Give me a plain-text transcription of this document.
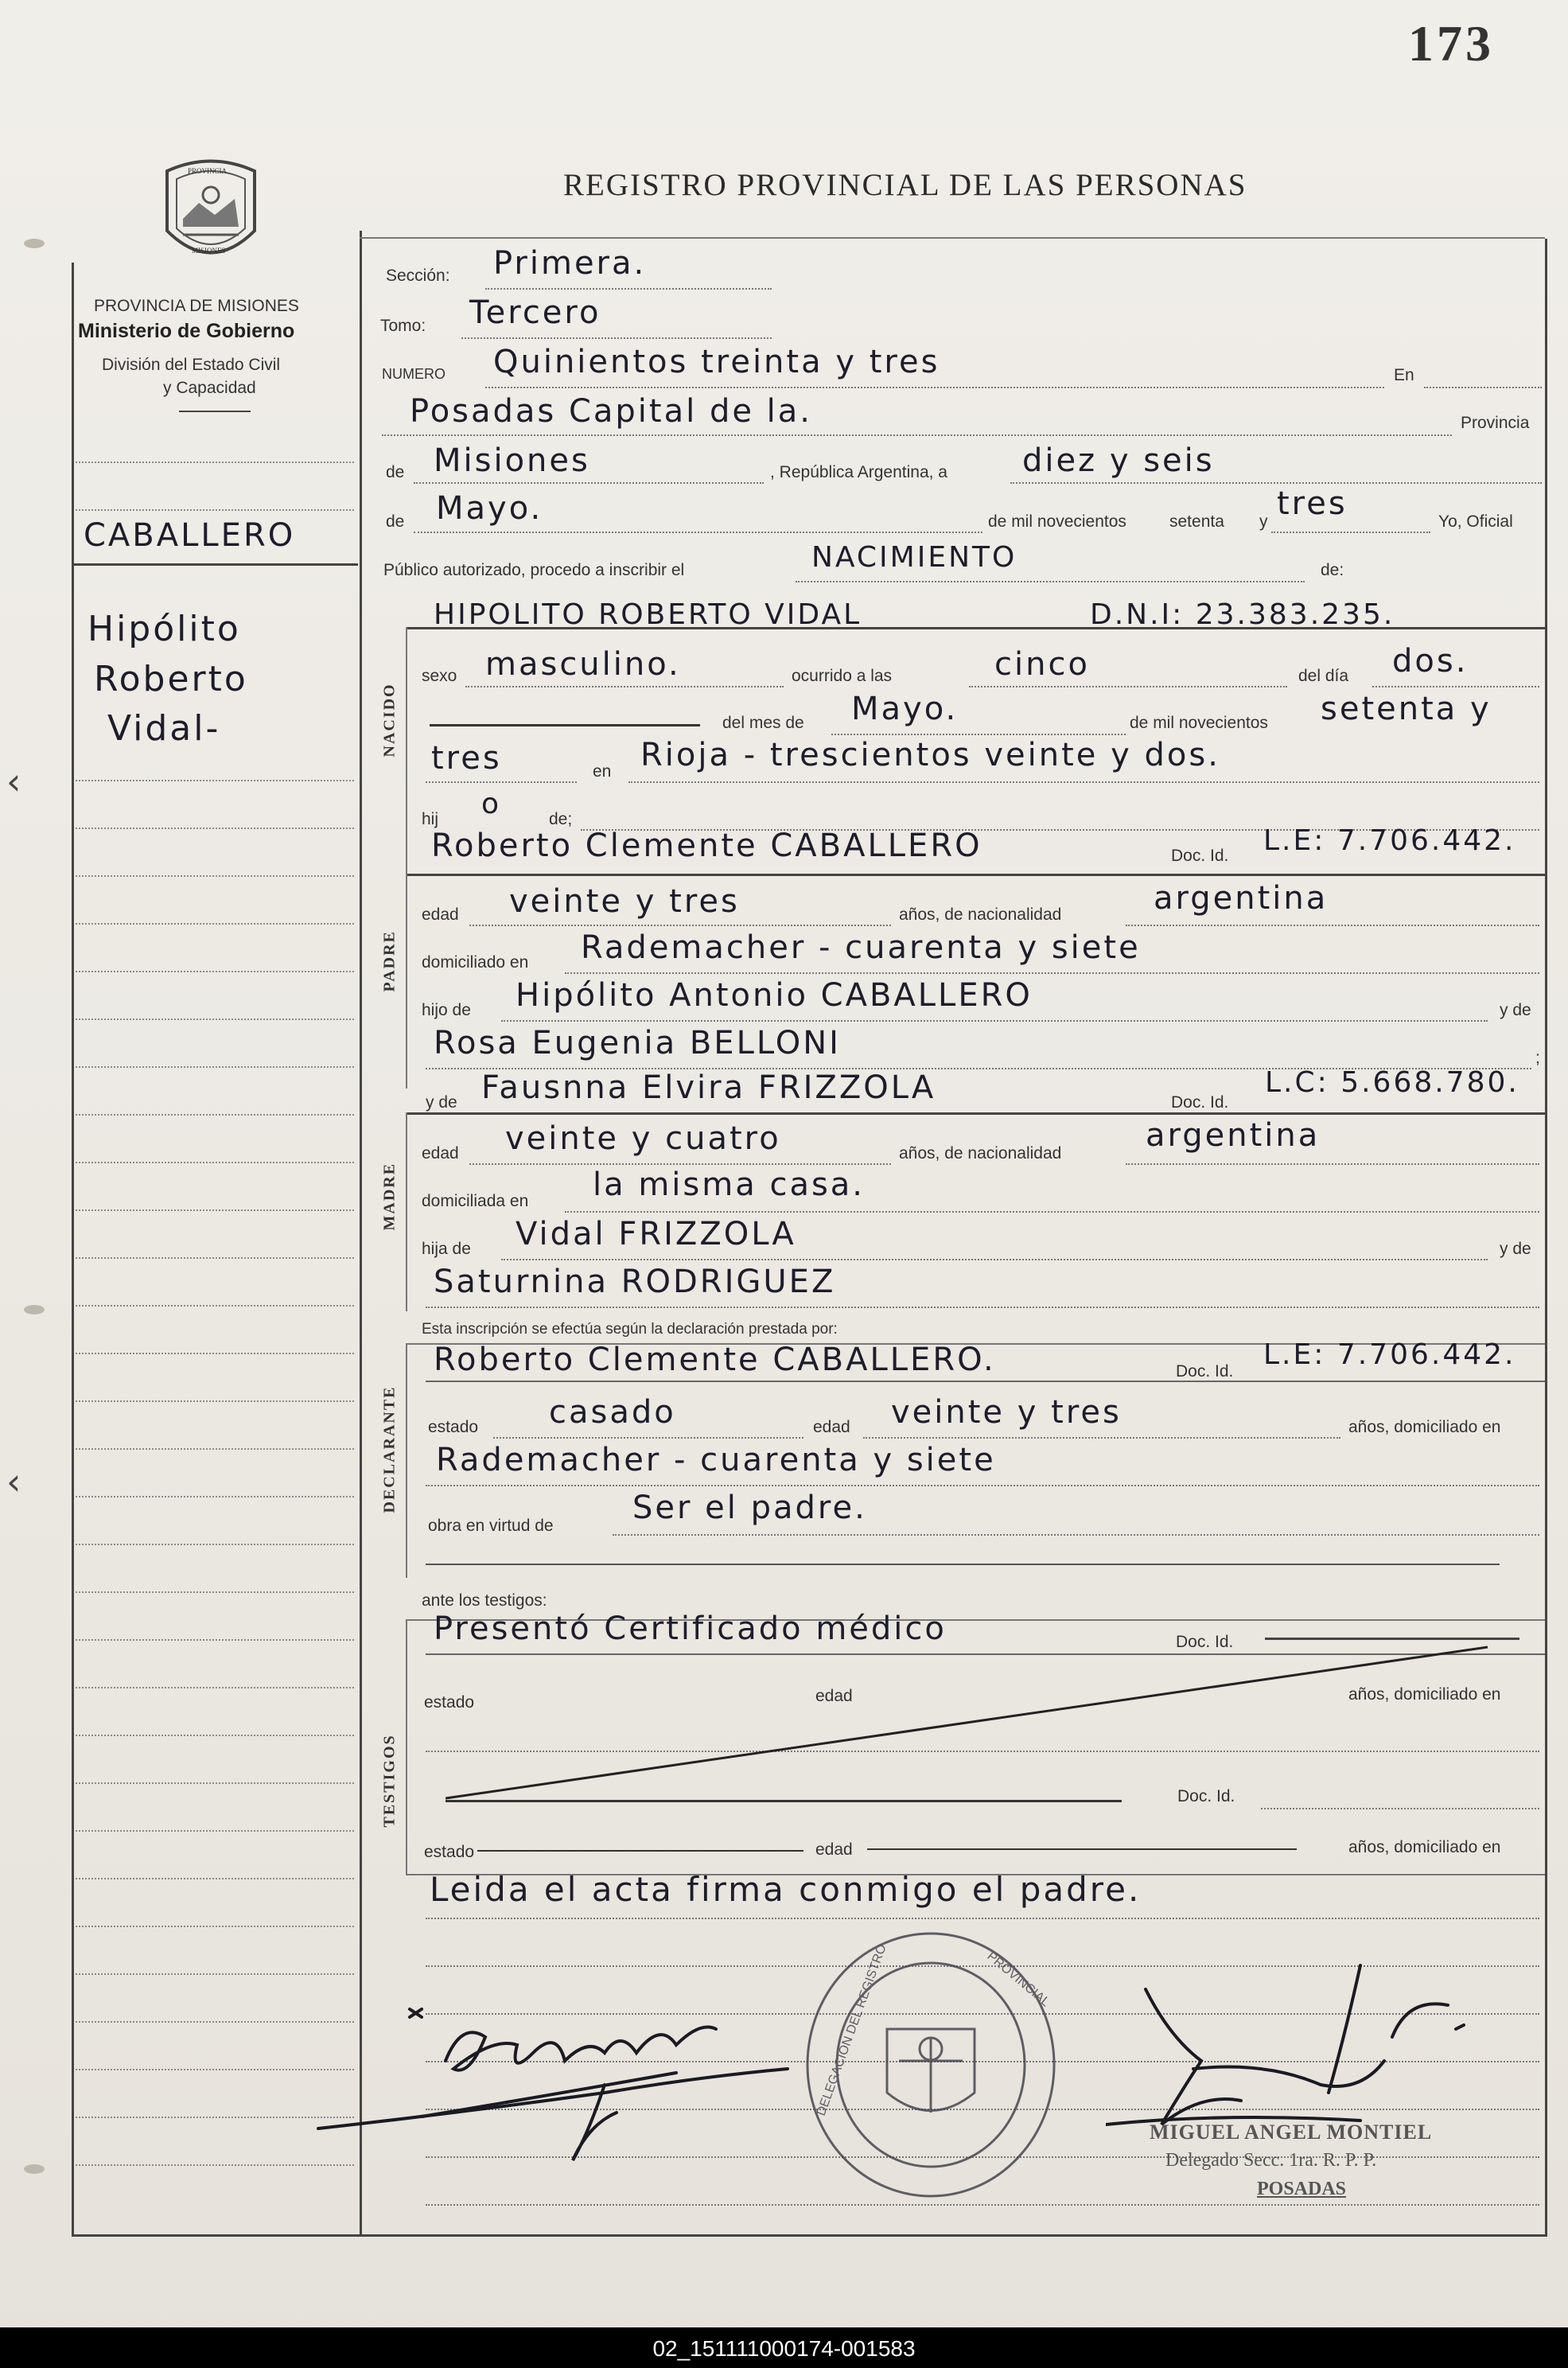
‹
‹
173
REGISTRO PROVINCIAL DE LAS PERSONAS
PROVINCIA
MISIONES
PROVINCIA DE MISIONES
Ministerio de Gobierno
División del Estado Civil
y Capacidad
CABALLERO
Hipólito
Roberto
Vidal-
Sección: Primera.
Tomo: Tercero
NUMERO Quinientos treinta y tres	En
Posadas Capital de la.	Provincia
de Misiones	, República Argentina, a diez y seis
de Mayo.	de mil novecientos	setenta y tres	Yo, Oficial
Público autorizado, procedo a inscribir el	NACIMIENTO	de:
NACIDO
HIPOLITO ROBERTO VIDAL	D.N.I: 23.383.235.
sexo masculino.	ocurrido a las	cinco	del día dos.
del mes de Mayo.	de mil novecientos setenta y
tres	en Rioja - trescientos veinte y dos.
hij o	de;
PADRE
Roberto Clemente CABALLERO	Doc. Id. L.E: 7.706.442.
edad veinte y tres	años, de nacionalidad	argentina
domiciliado en Rademacher - cuarenta y siete
hijo de Hipólito Antonio CABALLERO	y de
Rosa Eugenia BELLONI	;
y de Fausnna Elvira FRIZZOLA	Doc. Id.
L.C: 5.668.780.
MADRE
edad veinte y cuatro	años, de nacionalidad	argentina
domiciliada en la misma casa.
hija de Vidal FRIZZOLA	y de
Saturnina RODRIGUEZ
Esta inscripción se efectúa según la declaración prestada por:
DECLARANTE
Roberto Clemente CABALLERO.	Doc. Id.
L.E: 7.706.442.
estado casado	edad veinte y tres	años, domiciliado en
Rademacher - cuarenta y siete
obra en virtud de Ser el padre.
ante los testigos:
TESTIGOS
Presentó Certificado médico	Doc. Id.
estado	edad	años, domiciliado en
Doc. Id.
estado	edad	años, domiciliado en
Leida el acta firma conmigo el padre.
DELEGACION DEL REGISTRO	PROVINCIAL
MIGUEL ANGEL MONTIEL
Delegado Secc. 1ra. R. P. P.
POSADAS
02_151111000174-001583
